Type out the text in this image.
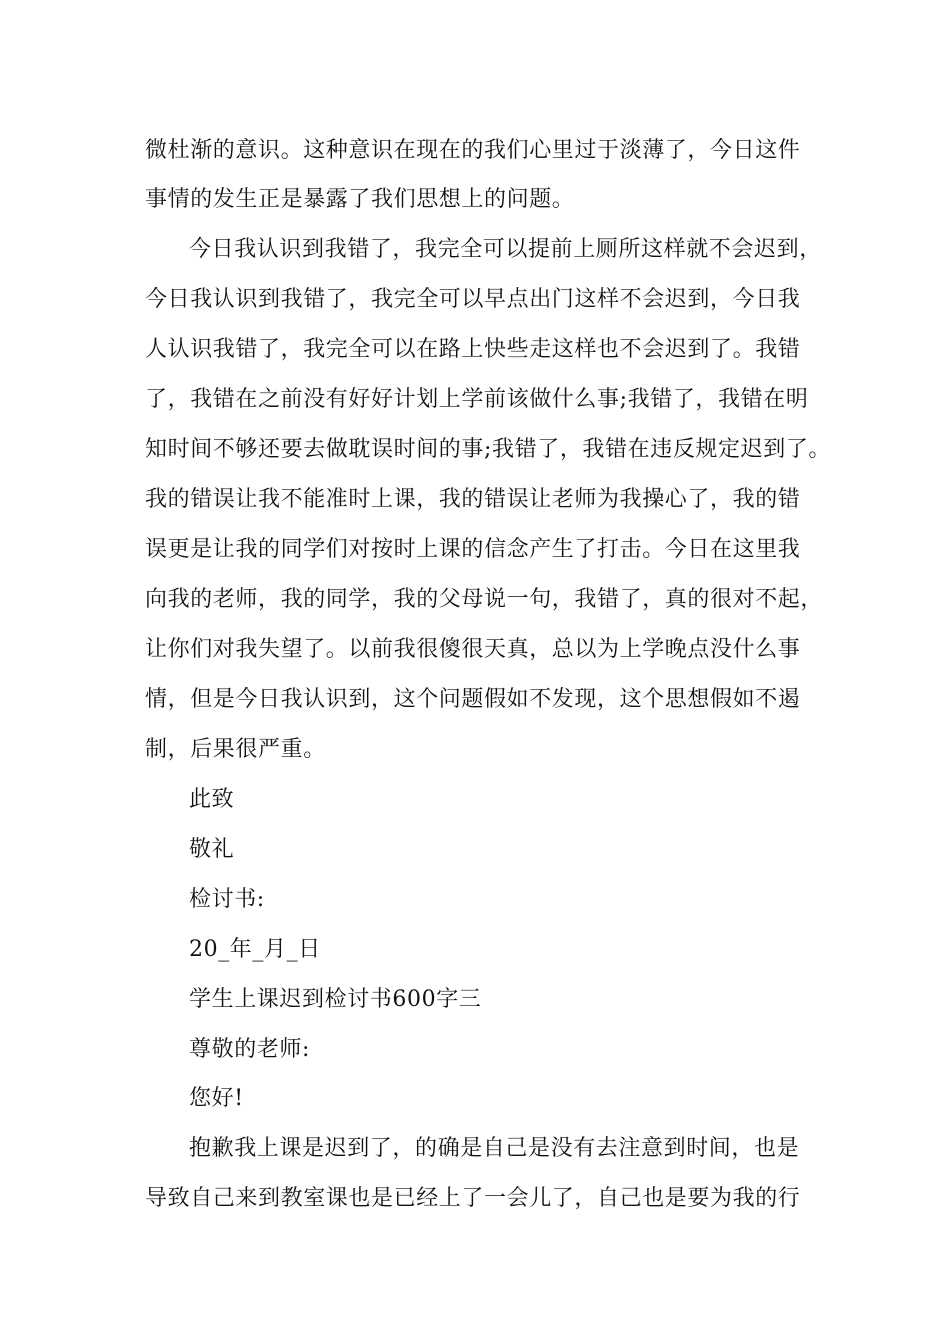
微杜渐的意识。这种意识在现在的我们心里过于淡薄了，今日这件
事情的发生正是暴露了我们思想上的问题。
今日我认识到我错了，我完全可以提前上厕所这样就不会迟到，
今日我认识到我错了，我完全可以早点出门这样不会迟到，今日我
人认识我错了，我完全可以在路上快些走这样也不会迟到了。我错
了，我错在之前没有好好计划上学前该做什么事;我错了，我错在明
知时间不够还要去做耽误时间的事;我错了，我错在违反规定迟到了。
我的错误让我不能准时上课，我的错误让老师为我操心了，我的错
误更是让我的同学们对按时上课的信念产生了打击。今日在这里我
向我的老师，我的同学，我的父母说一句，我错了，真的很对不起，
让你们对我失望了。以前我很傻很天真，总以为上学晚点没什么事
情，但是今日我认识到，这个问题假如不发现，这个思想假如不遏
制，后果很严重。
此致
敬礼
检讨书:
20_年_月_日
学生上课迟到检讨书600字三
尊敬的老师:
您好!
抱歉我上课是迟到了，的确是自己是没有去注意到时间，也是
导致自己来到教室课也是已经上了一会儿了，自己也是要为我的行
